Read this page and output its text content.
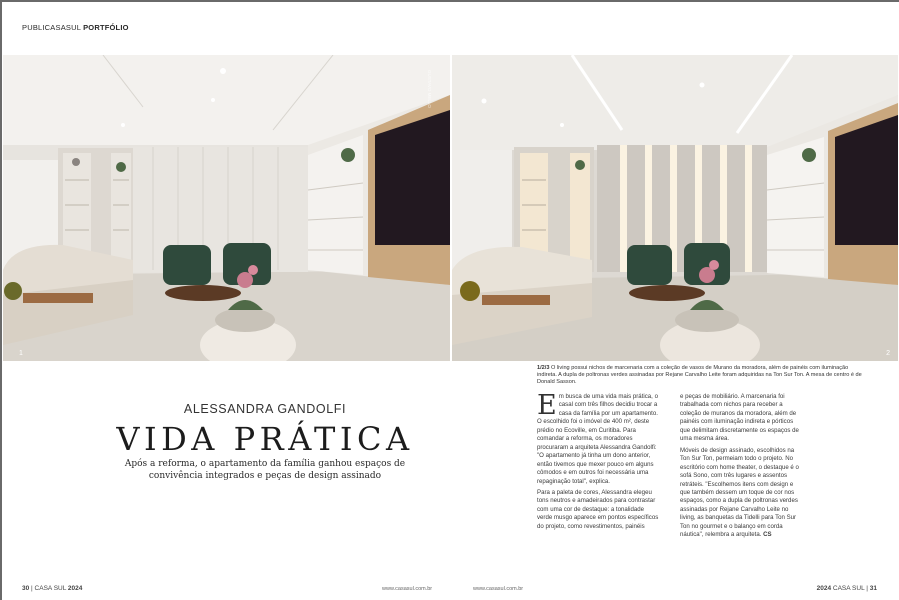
PUBLICASASUL PORTFÓLIO
1	2
GUSTAVO MELLO
1/2/3 O living possui nichos de marcenaria com a coleção de vasos de Murano da moradora, além de painéis com iluminação indireta. A dupla de poltronas verdes assinadas por Rejane Carvalho Leite foram adquiridas na Ton Sur Ton. A mesa de centro é de Donald Sasson.
ALESSANDRA GANDOLFI
VIDA PRÁTICA
Após a reforma, o apartamento da família ganhou espaços de convivência integrados e peças de design assinado

Em busca de uma vida mais prática, o casal com três filhos decidiu trocar a casa da família por um apartamento. O escolhido foi o imóvel de 400 m², deste prédio no Ecoville, em Curitiba. Para comandar a reforma, os moradores procuraram a arquiteta Alessandra Gandolfi: "O apartamento já tinha um dono anterior, então tivemos que mexer pouco em alguns cômodos e em outros foi necessária uma repaginação total", explica.

Para a paleta de cores, Alessandra elegeu tons neutros e amadeirados para contrastar com uma cor de destaque: a tonalidade verde musgo aparece em pontos específicos do projeto, como revestimentos, painéis

e peças de mobiliário. A marcenaria foi trabalhada com nichos para receber a coleção de muranos da moradora, além de painéis com iluminação indireta e pórticos que delimitam discretamente os espaços de uma mesma área.

Móveis de design assinado, escolhidos na Ton Sur Ton, permeiam todo o projeto. No escritório com home theater, o destaque é o sofá Sono, com três lugares e assentos retráteis. "Escolhemos itens com design e que também dessem um toque de cor nos espaços, como a dupla de poltronas verdes assinadas por Rejane Carvalho Leite no living, as banquetas da Tidelli para Ton Sur Ton no gourmet e o balanço em corda náutica", relembra a arquiteta. CS

30 | CASA SUL 2024	www.casasul.com.br	www.casasul.com.br	2024 CASA SUL | 31
